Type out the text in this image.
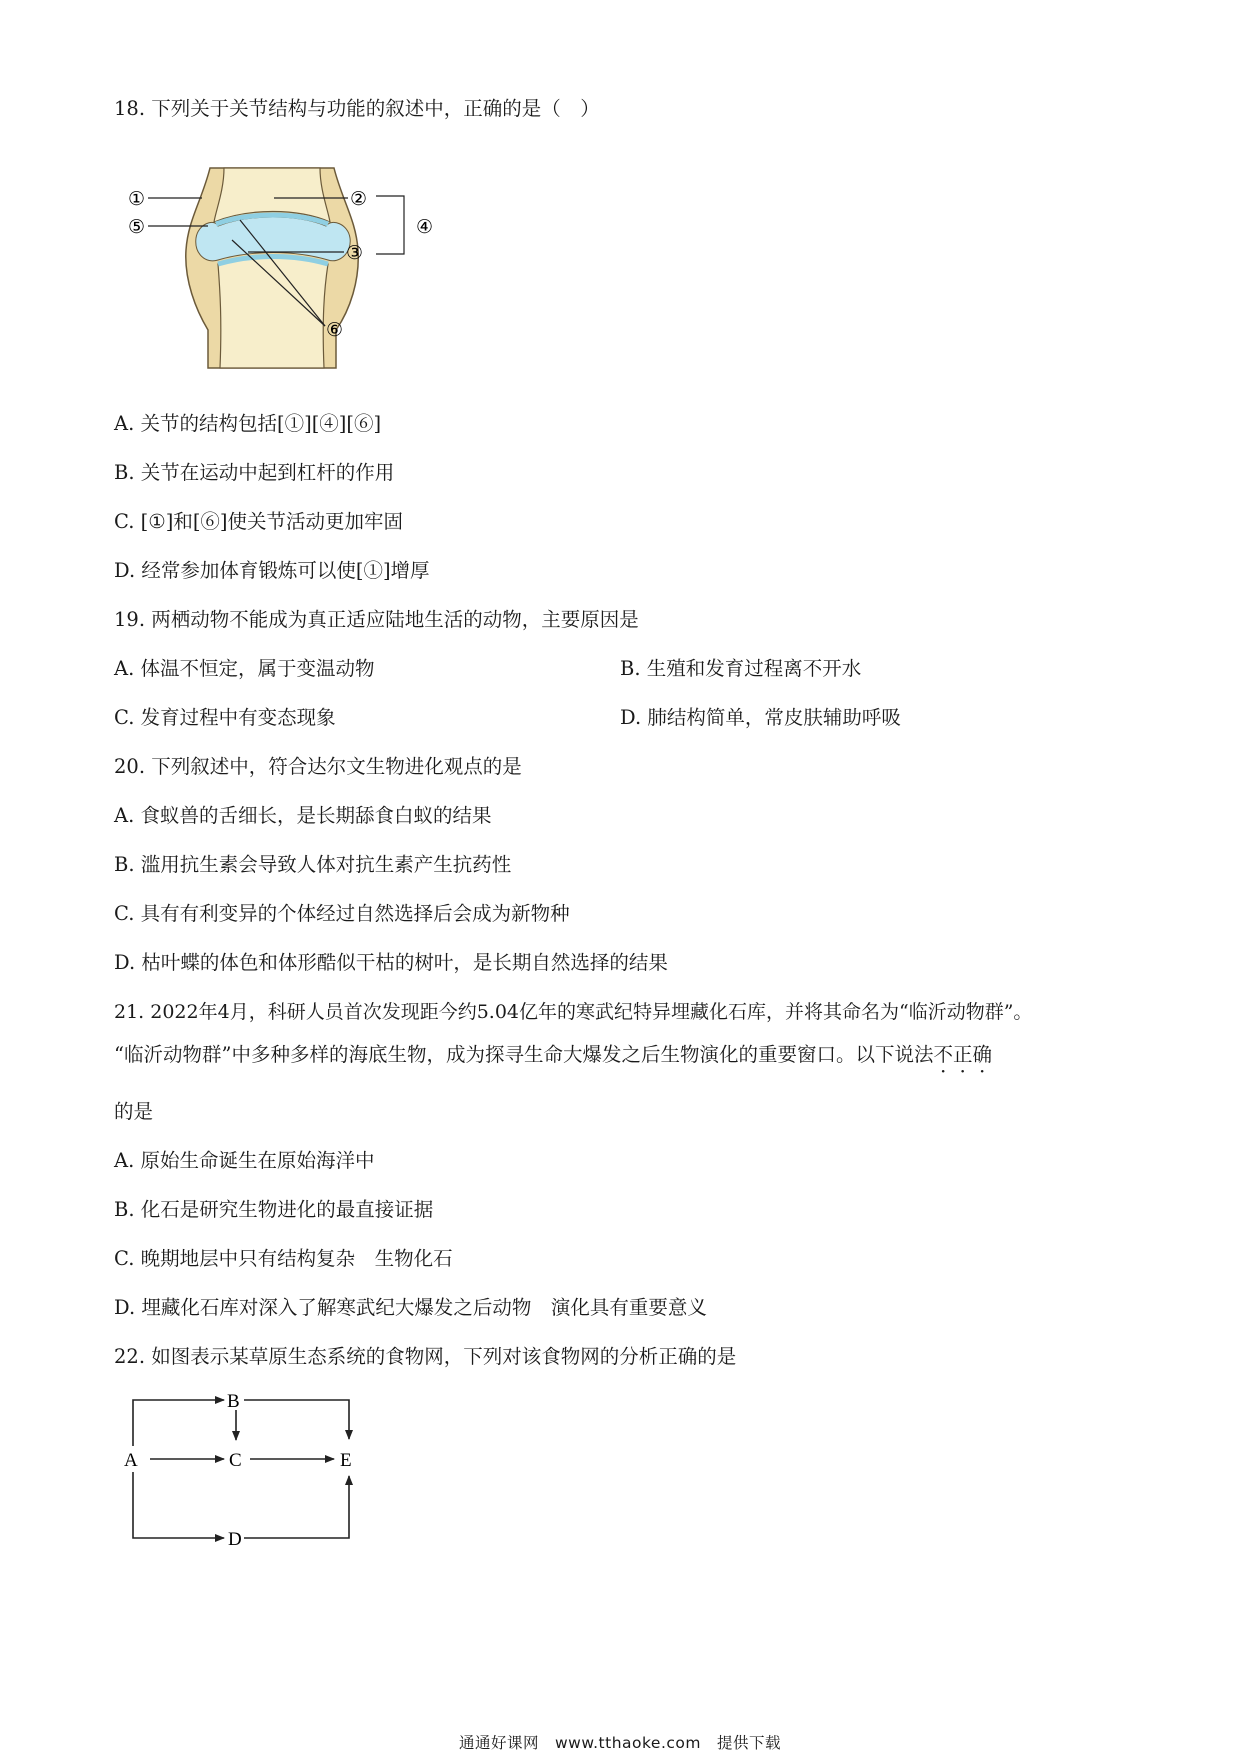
18. 下列关于关节结构与功能的叙述中，正确的是（　）
①
⑤
②
③
④
⑥
A. 关节的结构包括[①][④][⑥]
B. 关节在运动中起到杠杆的作用
C. [①]和[⑥]使关节活动更加牢固
D. 经常参加体育锻炼可以使[①]增厚
19. 两栖动物不能成为真正适应陆地生活的动物，主要原因是
A. 体温不恒定，属于变温动物	B. 生殖和发育过程离不开水
C. 发育过程中有变态现象	D. 肺结构简单，常皮肤辅助呼吸
20. 下列叙述中，符合达尔文生物进化观点的是
A. 食蚁兽的舌细长，是长期舔食白蚁的结果
B. 滥用抗生素会导致人体对抗生素产生抗药性
C. 具有有利变异的个体经过自然选择后会成为新物种
D. 枯叶蝶的体色和体形酷似干枯的树叶，是长期自然选择的结果
21. 2022年4月，科研人员首次发现距今约5.04亿年的寒武纪特异埋藏化石库，并将其命名为“临沂动物群”。
“临沂动物群”中多种多样的海底生物，成为探寻生命大爆发之后生物演化的重要窗口。以下说法不正确
的是
A. 原始生命诞生在原始海洋中
B. 化石是研究生物进化的最直接证据
C. 晚期地层中只有结构复杂　生物化石
D. 埋藏化石库对深入了解寒武纪大爆发之后动物　演化具有重要意义
22. 如图表示某草原生态系统的食物网，下列对该食物网的分析正确的是
A
B
C
D
E
通通好课网　www.tthaoke.com　提供下载
